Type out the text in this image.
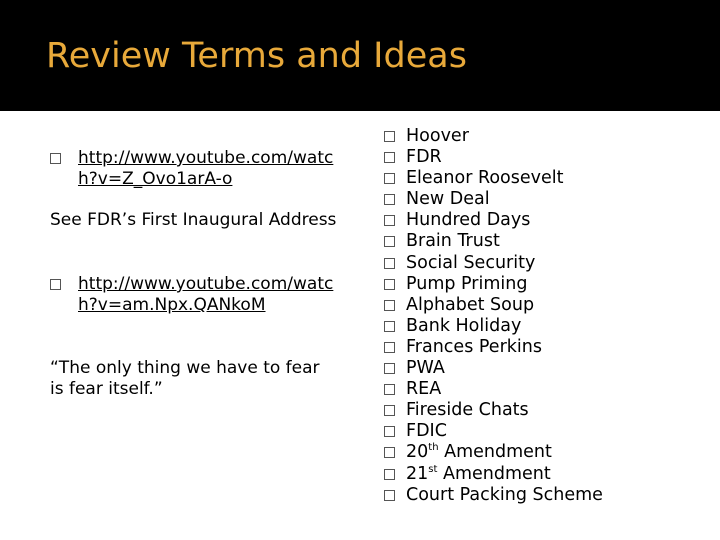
Review Terms and Ideas
http://www.youtube.com/watch?v=Z_Ovo1arA-o
See FDR’s First Inaugural Address
http://www.youtube.com/watch?v=am.Npx.QANkoM
“The only thing we have to fear is fear itself.”
Hoover
FDR
Eleanor Roosevelt
New Deal
Hundred Days
Brain Trust
Social Security
Pump Priming
Alphabet Soup
Bank Holiday
Frances Perkins
PWA
REA
Fireside Chats
FDIC
20th Amendment
21st Amendment
Court Packing Scheme
